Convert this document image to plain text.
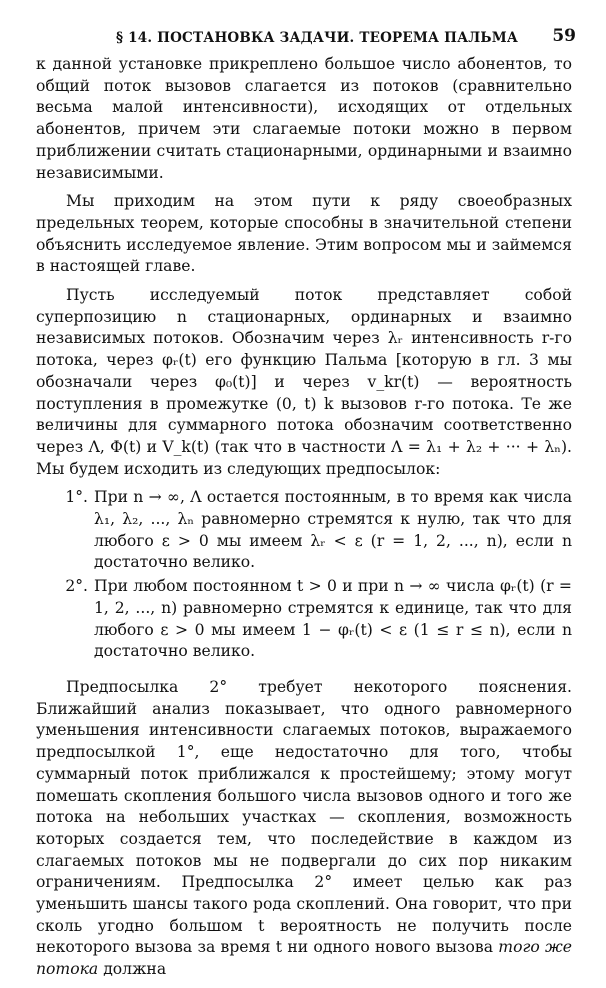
§ 14. ПОСТАНОВКА ЗАДАЧИ. ТЕОРЕМА ПАЛЬМА 59

к данной установке прикреплено большое число абонентов, то общий поток вызовов слагается из потоков (сравнительно весьма малой интенсивности), исходящих от отдельных абонентов, причем эти слагаемые потоки можно в первом приближении считать стационарными, ординарными и взаимно независимыми.

Мы приходим на этом пути к ряду своеобразных предельных теорем, которые способны в значительной степени объяснить исследуемое явление. Этим вопросом мы и займемся в настоящей главе.

Пусть исследуемый поток представляет собой суперпозицию n стационарных, ординарных и взаимно независимых потоков. Обозначим через λᵣ интенсивность r-го потока, через φᵣ(t) его функцию Пальма [которую в гл. 3 мы обозначали через φ₀(t)] и через v_kr(t) — вероятность поступления в промежутке (0, t) k вызовов r-го потока. Те же величины для суммарного потока обозначим соответственно через Λ, Φ(t) и V_k(t) (так что в частности Λ = λ₁ + λ₂ + ··· + λₙ). Мы будем исходить из следующих предпосылок:

1°. При n → ∞, Λ остается постоянным, в то время как числа λ₁, λ₂, ..., λₙ равномерно стремятся к нулю, так что для любого ε > 0 мы имеем λᵣ < ε (r = 1, 2, ..., n), если n достаточно велико.
2°. При любом постоянном t > 0 и при n → ∞ числа φᵣ(t) (r = 1, 2, ..., n) равномерно стремятся к единице, так что для любого ε > 0 мы имеем 1 − φᵣ(t) < ε (1 ≤ r ≤ n), если n достаточно велико.

Предпосылка 2° требует некоторого пояснения. Ближайший анализ показывает, что одного равномерного уменьшения интенсивности слагаемых потоков, выражаемого предпосылкой 1°, еще недостаточно для того, чтобы суммарный поток приближался к простейшему; этому могут помешать скопления большого числа вызовов одного и того же потока на небольших участках — скопления, возможность которых создается тем, что последействие в каждом из слагаемых потоков мы не подвергали до сих пор никаким ограничениям. Предпосылка 2° имеет целью как раз уменьшить шансы такого рода скоплений. Она говорит, что при сколь угодно большом t вероятность не получить после некоторого вызова за время t ни одного нового вызова того же потока должна
